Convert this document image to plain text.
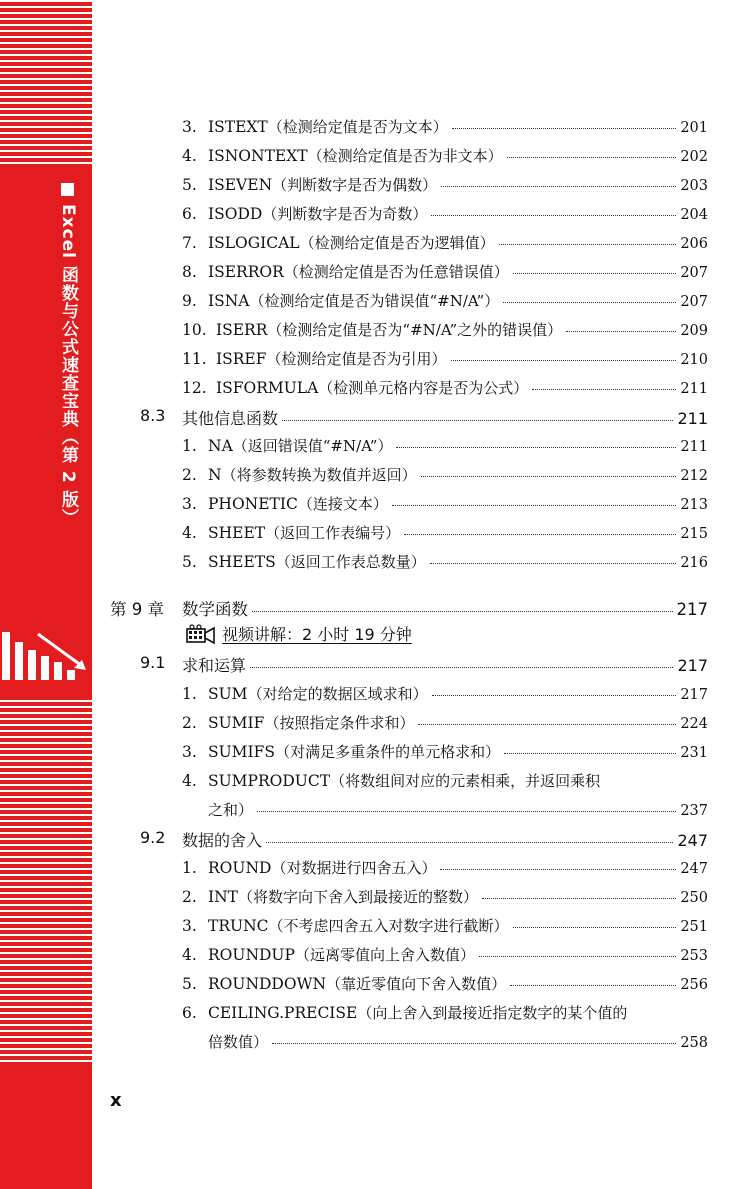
Excel 函数与公式速查宝典（第 2 版）
3. ISTEXT （检测给定值是否为文本）	201
4. ISNONTEXT （检测给定值是否为非文本）	202
5. ISEVEN （判断数字是否为偶数）	203
6. ISODD （判断数字是否为奇数）	204
7. ISLOGICAL （检测给定值是否为逻辑值）	206
8. ISERROR （检测给定值是否为任意错误值）	207
9. ISNA （检测给定值是否为错误值“#N/A”）	207
10. ISERR （检测给定值是否为“#N/A”之外的错误值）	209
11. ISREF （检测给定值是否为引用）	210
12. ISFORMULA （检测单元格内容是否为公式）	211
8.3 其他信息函数	211
1. NA （返回错误值“#N/A”）	211
2. N （将参数转换为数值并返回）	212
3. PHONETIC （连接文本）	213
4. SHEET （返回工作表编号）	215
5. SHEETS （返回工作表总数量）	216
第 9 章 数学函数	217
视频讲解：2 小时 19 分钟
9.1 求和运算	217
1. SUM （对给定的数据区域求和）	217
2. SUMIF （按照指定条件求和）	224
3. SUMIFS （对满足多重条件的单元格求和）	231
4. SUMPRODUCT （将数组间对应的元素相乘，并返回乘积
之和）	237
9.2 数据的舍入	247
1. ROUND （对数据进行四舍五入）	247
2. INT （将数字向下舍入到最接近的整数）	250
3. TRUNC （不考虑四舍五入对数字进行截断）	251
4. ROUNDUP （远离零值向上舍入数值）	253
5. ROUNDDOWN （靠近零值向下舍入数值）	256
6. CEILING.PRECISE （向上舍入到最接近指定数字的某个值的
倍数值）	258
x
